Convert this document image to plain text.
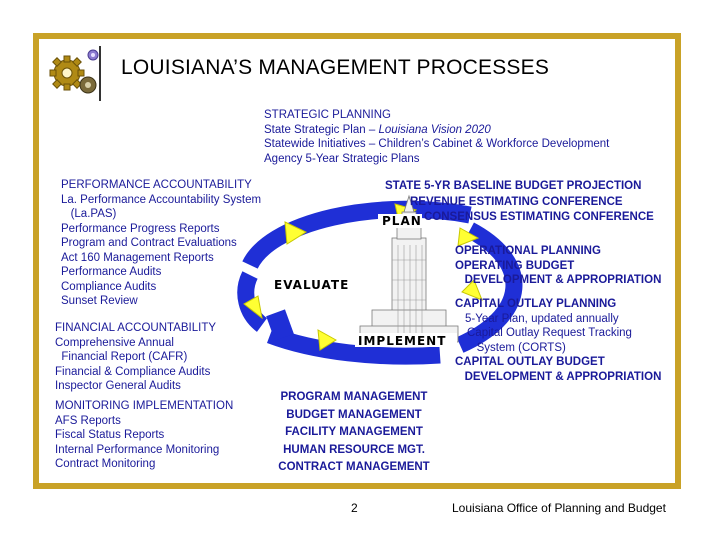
LOUISIANA’S MANAGEMENT PROCESSES
PLAN
EVALUATE
IMPLEMENT
STRATEGIC PLANNING
State Strategic Plan – Louisiana Vision 2020
Statewide Initiatives – Children’s Cabinet & Workforce Development
Agency 5-Year Strategic Plans
PERFORMANCE ACCOUNTABILITY
La. Performance Accountability System
(La.PAS)
Performance Progress Reports
Program and Contract Evaluations
Act 160 Management Reports
Performance Audits
Compliance Audits
Sunset Review
STATE 5-YR BASELINE BUDGET PROJECTION
REVENUE ESTIMATING CONFERENCE
CONSENSUS ESTIMATING CONFERENCE
OPERATIONAL PLANNING
OPERATING BUDGET
DEVELOPMENT & APPROPRIATION
CAPITAL OUTLAY PLANNING
5-Year Plan, updated annually
Capital Outlay Request Tracking
System (CORTS)
CAPITAL OUTLAY BUDGET
DEVELOPMENT & APPROPRIATION
FINANCIAL ACCOUNTABILITY
Comprehensive Annual
Financial Report (CAFR)
Financial & Compliance Audits
Inspector General Audits
MONITORING IMPLEMENTATION
AFS Reports
Fiscal Status Reports
Internal Performance Monitoring
Contract Monitoring
PROGRAM MANAGEMENT
BUDGET MANAGEMENT
FACILITY MANAGEMENT
HUMAN RESOURCE MGT.
CONTRACT MANAGEMENT
2	Louisiana Office of Planning and Budget
